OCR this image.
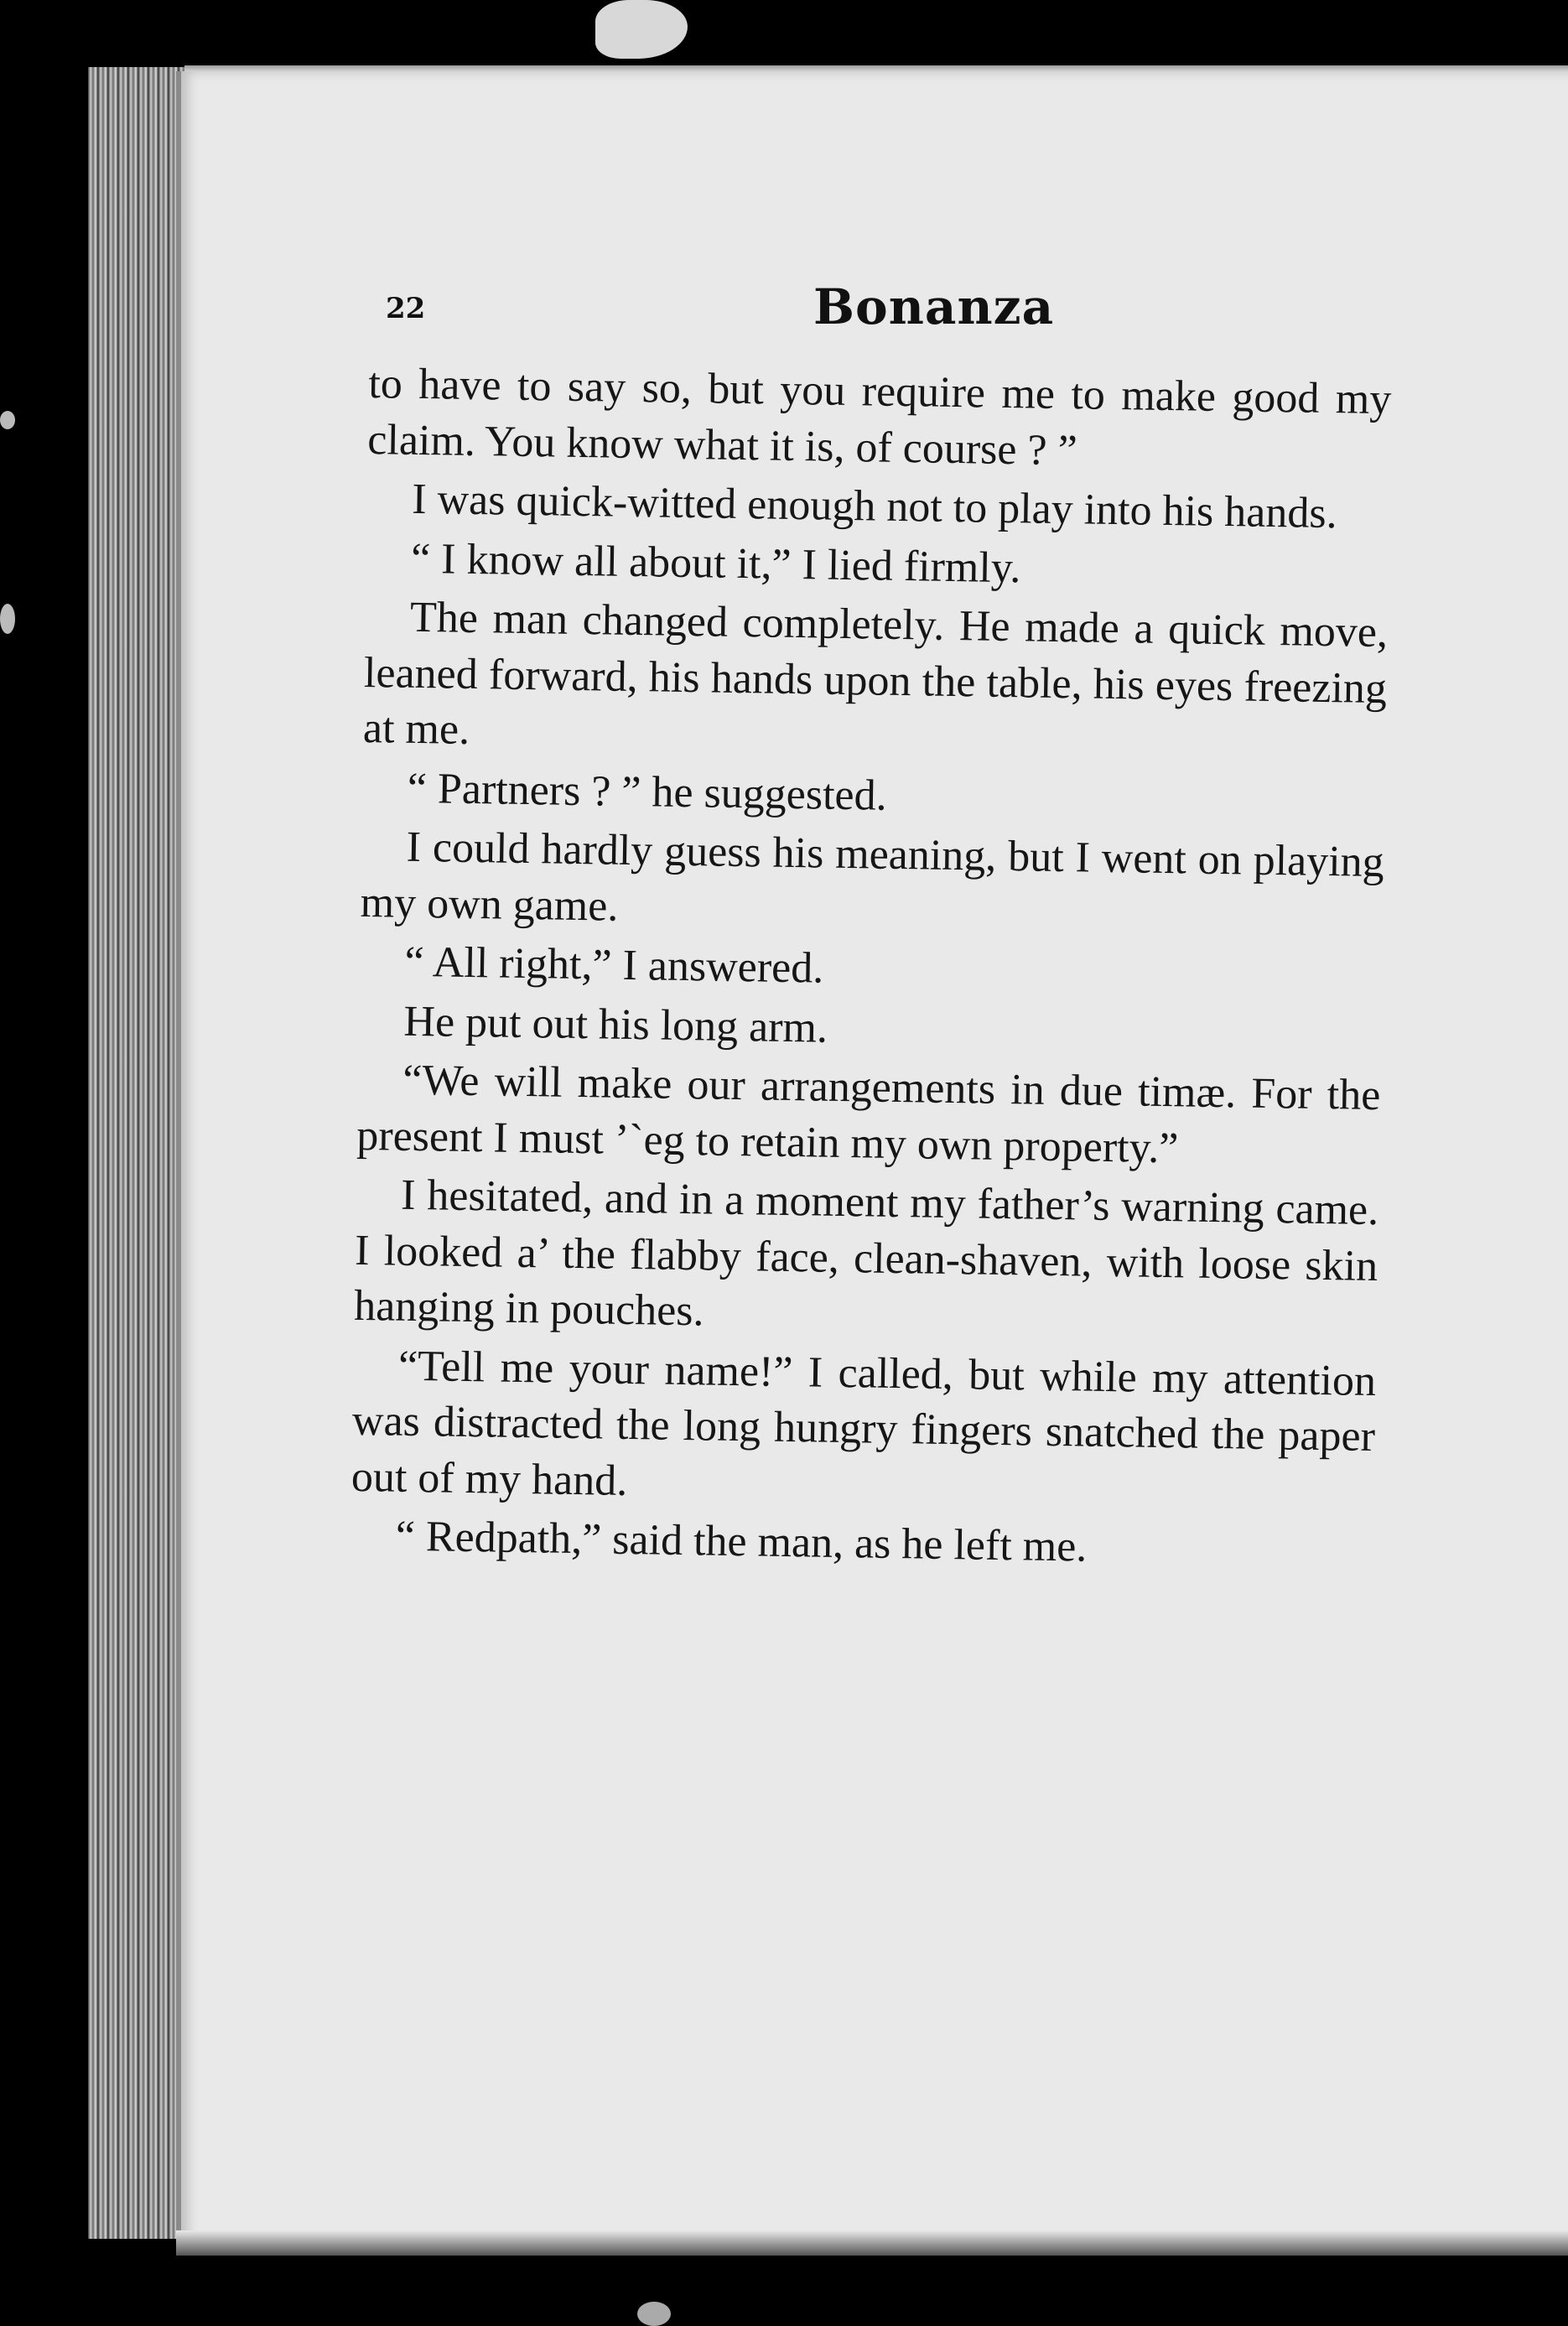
22	Bonanza

to have to say so, but you require me to make good my claim. You know what it is, of course ? ”

I was quick-witted enough not to play into his hands.

“ I know all about it,” I lied firmly.

The man changed completely. He made a quick move, leaned forward, his hands upon the table, his eyes freezing at me.

“ Partners ? ” he suggested.

I could hardly guess his meaning, but I went on playing my own game.

“ All right,” I answered.

He put out his long arm.

“We will make our arrangements in due timæ. For the present I must ’ˋeg to retain my own property.”

I hesitated, and in a moment my father’s warning came. I looked a’ the flabby face, clean-shaven, with loose skin hanging in pouches.

“Tell me your name!” I called, but while my attention was distracted the long hungry fingers snatched the paper out of my hand.

“ Redpath,” said the man, as he left me.
